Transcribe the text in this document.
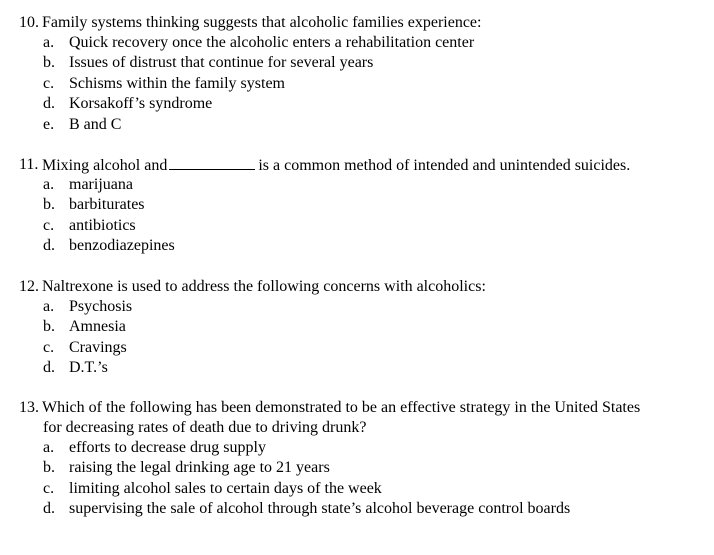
10. Family systems thinking suggests that alcoholic families experience:
a. Quick recovery once the alcoholic enters a rehabilitation center
b. Issues of distrust that continue for several years
c. Schisms within the family system
d. Korsakoff’s syndrome
e. B and C
11. Mixing alcohol and	is a common method of intended and unintended suicides.
a. marijuana
b. barbiturates
c. antibiotics
d. benzodiazepines
12. Naltrexone is used to address the following concerns with alcoholics:
a. Psychosis
b. Amnesia
c. Cravings
d. D.T.’s
13. Which of the following has been demonstrated to be an effective strategy in the United States
for decreasing rates of death due to driving drunk?
a. efforts to decrease drug supply
b. raising the legal drinking age to 21 years
c. limiting alcohol sales to certain days of the week
d. supervising the sale of alcohol through state’s alcohol beverage control boards
